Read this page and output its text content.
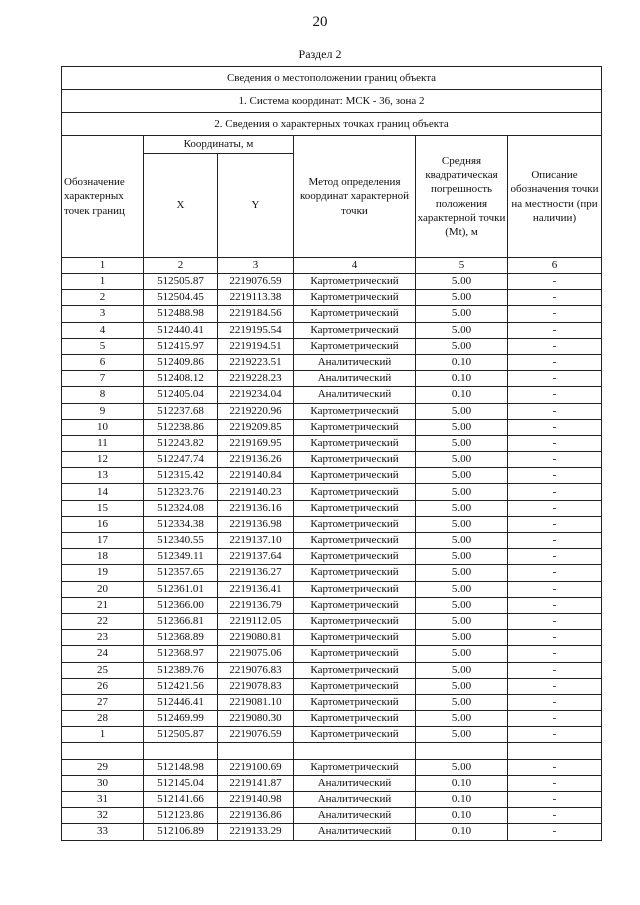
20
Раздел 2
Сведения о местоположении границ объекта					
1. Система координат: МСК - 36, зона 2					
2. Сведения о характерных точках границ объекта					
Обозначение характерных точек границ	Координаты, м		Метод определения координат характерной точки	Средняя квадратическая погрешность положения характерной точки (Mt), м	Описание обозначения точки на местности (при наличии)
	X	Y			
1	2	3	4	5	6
1	512505.87	2219076.59	Картометрический	5.00	-
2	512504.45	2219113.38	Картометрический	5.00	-
3	512488.98	2219184.56	Картометрический	5.00	-
4	512440.41	2219195.54	Картометрический	5.00	-
5	512415.97	2219194.51	Картометрический	5.00	-
6	512409.86	2219223.51	Аналитический	0.10	-
7	512408.12	2219228.23	Аналитический	0.10	-
8	512405.04	2219234.04	Аналитический	0.10	-
9	512237.68	2219220.96	Картометрический	5.00	-
10	512238.86	2219209.85	Картометрический	5.00	-
11	512243.82	2219169.95	Картометрический	5.00	-
12	512247.74	2219136.26	Картометрический	5.00	-
13	512315.42	2219140.84	Картометрический	5.00	-
14	512323.76	2219140.23	Картометрический	5.00	-
15	512324.08	2219136.16	Картометрический	5.00	-
16	512334.38	2219136.98	Картометрический	5.00	-
17	512340.55	2219137.10	Картометрический	5.00	-
18	512349.11	2219137.64	Картометрический	5.00	-
19	512357.65	2219136.27	Картометрический	5.00	-
20	512361.01	2219136.41	Картометрический	5.00	-
21	512366.00	2219136.79	Картометрический	5.00	-
22	512366.81	2219112.05	Картометрический	5.00	-
23	512368.89	2219080.81	Картометрический	5.00	-
24	512368.97	2219075.06	Картометрический	5.00	-
25	512389.76	2219076.83	Картометрический	5.00	-
26	512421.56	2219078.83	Картометрический	5.00	-
27	512446.41	2219081.10	Картометрический	5.00	-
28	512469.99	2219080.30	Картометрический	5.00	-
1	512505.87	2219076.59	Картометрический	5.00	-

29	512148.98	2219100.69	Картометрический	5.00	-
30	512145.04	2219141.87	Аналитический	0.10	-
31	512141.66	2219140.98	Аналитический	0.10	-
32	512123.86	2219136.86	Аналитический	0.10	-
33	512106.89	2219133.29	Аналитический	0.10	-
